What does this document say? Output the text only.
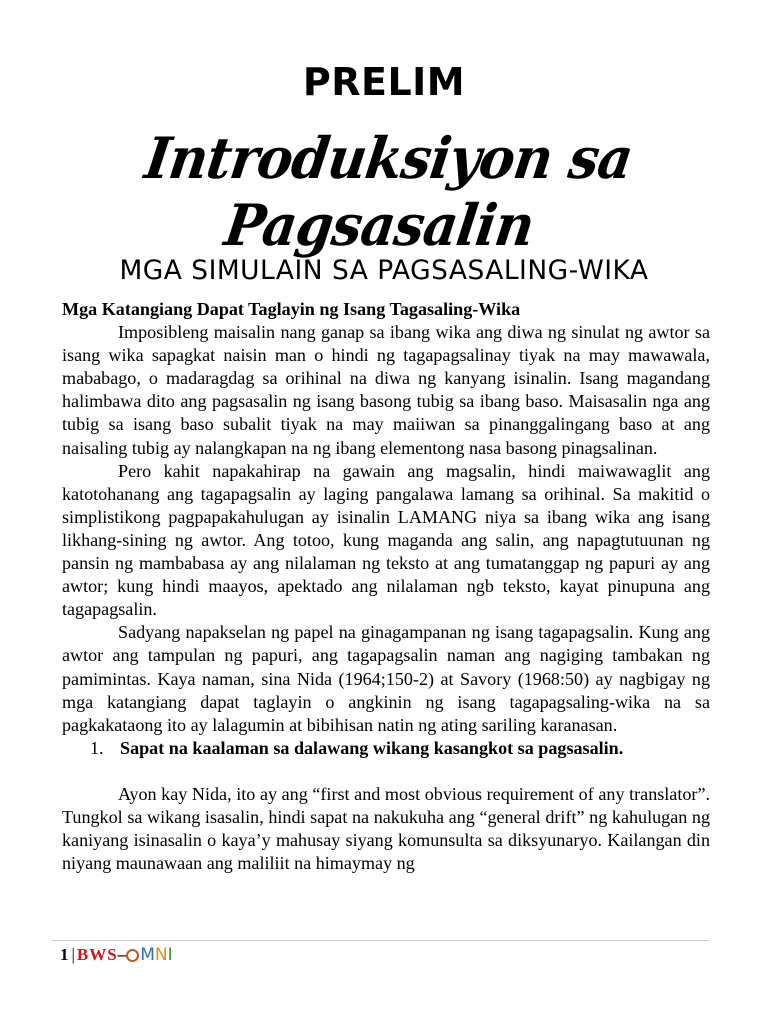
PRELIM
Introduksiyon sa Pagsasalin
MGA SIMULAIN SA PAGSASALING-WIKA

Mga Katangiang Dapat Taglayin ng Isang Tagasaling-Wika

Imposibleng maisalin nang ganap sa ibang wika ang diwa ng sinulat ng awtor sa isang wika sapagkat naisin man o hindi ng tagapagsalinay tiyak na may mawawala, mababago, o madaragdag sa orihinal na diwa ng kanyang isinalin. Isang magandang halimbawa dito ang pagsasalin ng isang basong tubig sa ibang baso. Maisasalin nga ang tubig sa isang baso subalit tiyak na may maiiwan sa pinanggalingang baso at ang naisaling tubig ay nalangkapan na ng ibang elementong nasa basong pinagsalinan.

Pero kahit napakahirap na gawain ang magsalin, hindi maiwawaglit ang katotohanang ang tagapagsalin ay laging pangalawa lamang sa orihinal. Sa makitid o simplistikong pagpapakahulugan ay isinalin LAMANG niya sa ibang wika ang isang likhang-sining ng awtor. Ang totoo, kung maganda ang salin, ang napagtutuunan ng pansin ng mambabasa ay ang nilalaman ng teksto at ang tumatanggap ng papuri ay ang awtor; kung hindi maayos, apektado ang nilalaman ngb teksto, kayat pinupuna ang tagapagsalin.

Sadyang napakselan ng papel na ginagampanan ng isang tagapagsalin. Kung ang awtor ang tampulan ng papuri, ang tagapagsalin naman ang nagiging tambakan ng pamimintas. Kaya naman, sina Nida (1964;150-2) at Savory (1968:50) ay nagbigay ng mga katangiang dapat taglayin o angkinin ng isang tagapagsaling-wika na sa pagkakataong ito ay lalagumin at bibihisan natin ng ating sariling karanasan.

1. Sapat na kaalaman sa dalawang wikang kasangkot sa pagsasalin.

Ayon kay Nida, ito ay ang “first and most obvious requirement of any translator”. Tungkol sa wikang isasalin, hindi sapat na nakukuha ang “general drift” ng kahulugan ng kaniyang isinasalin o kaya’y mahusay siyang komunsulta sa diksyunaryo. Kailangan din niyang maunawaan ang maliliit na himaymay ng

1 | BWS – MNI
